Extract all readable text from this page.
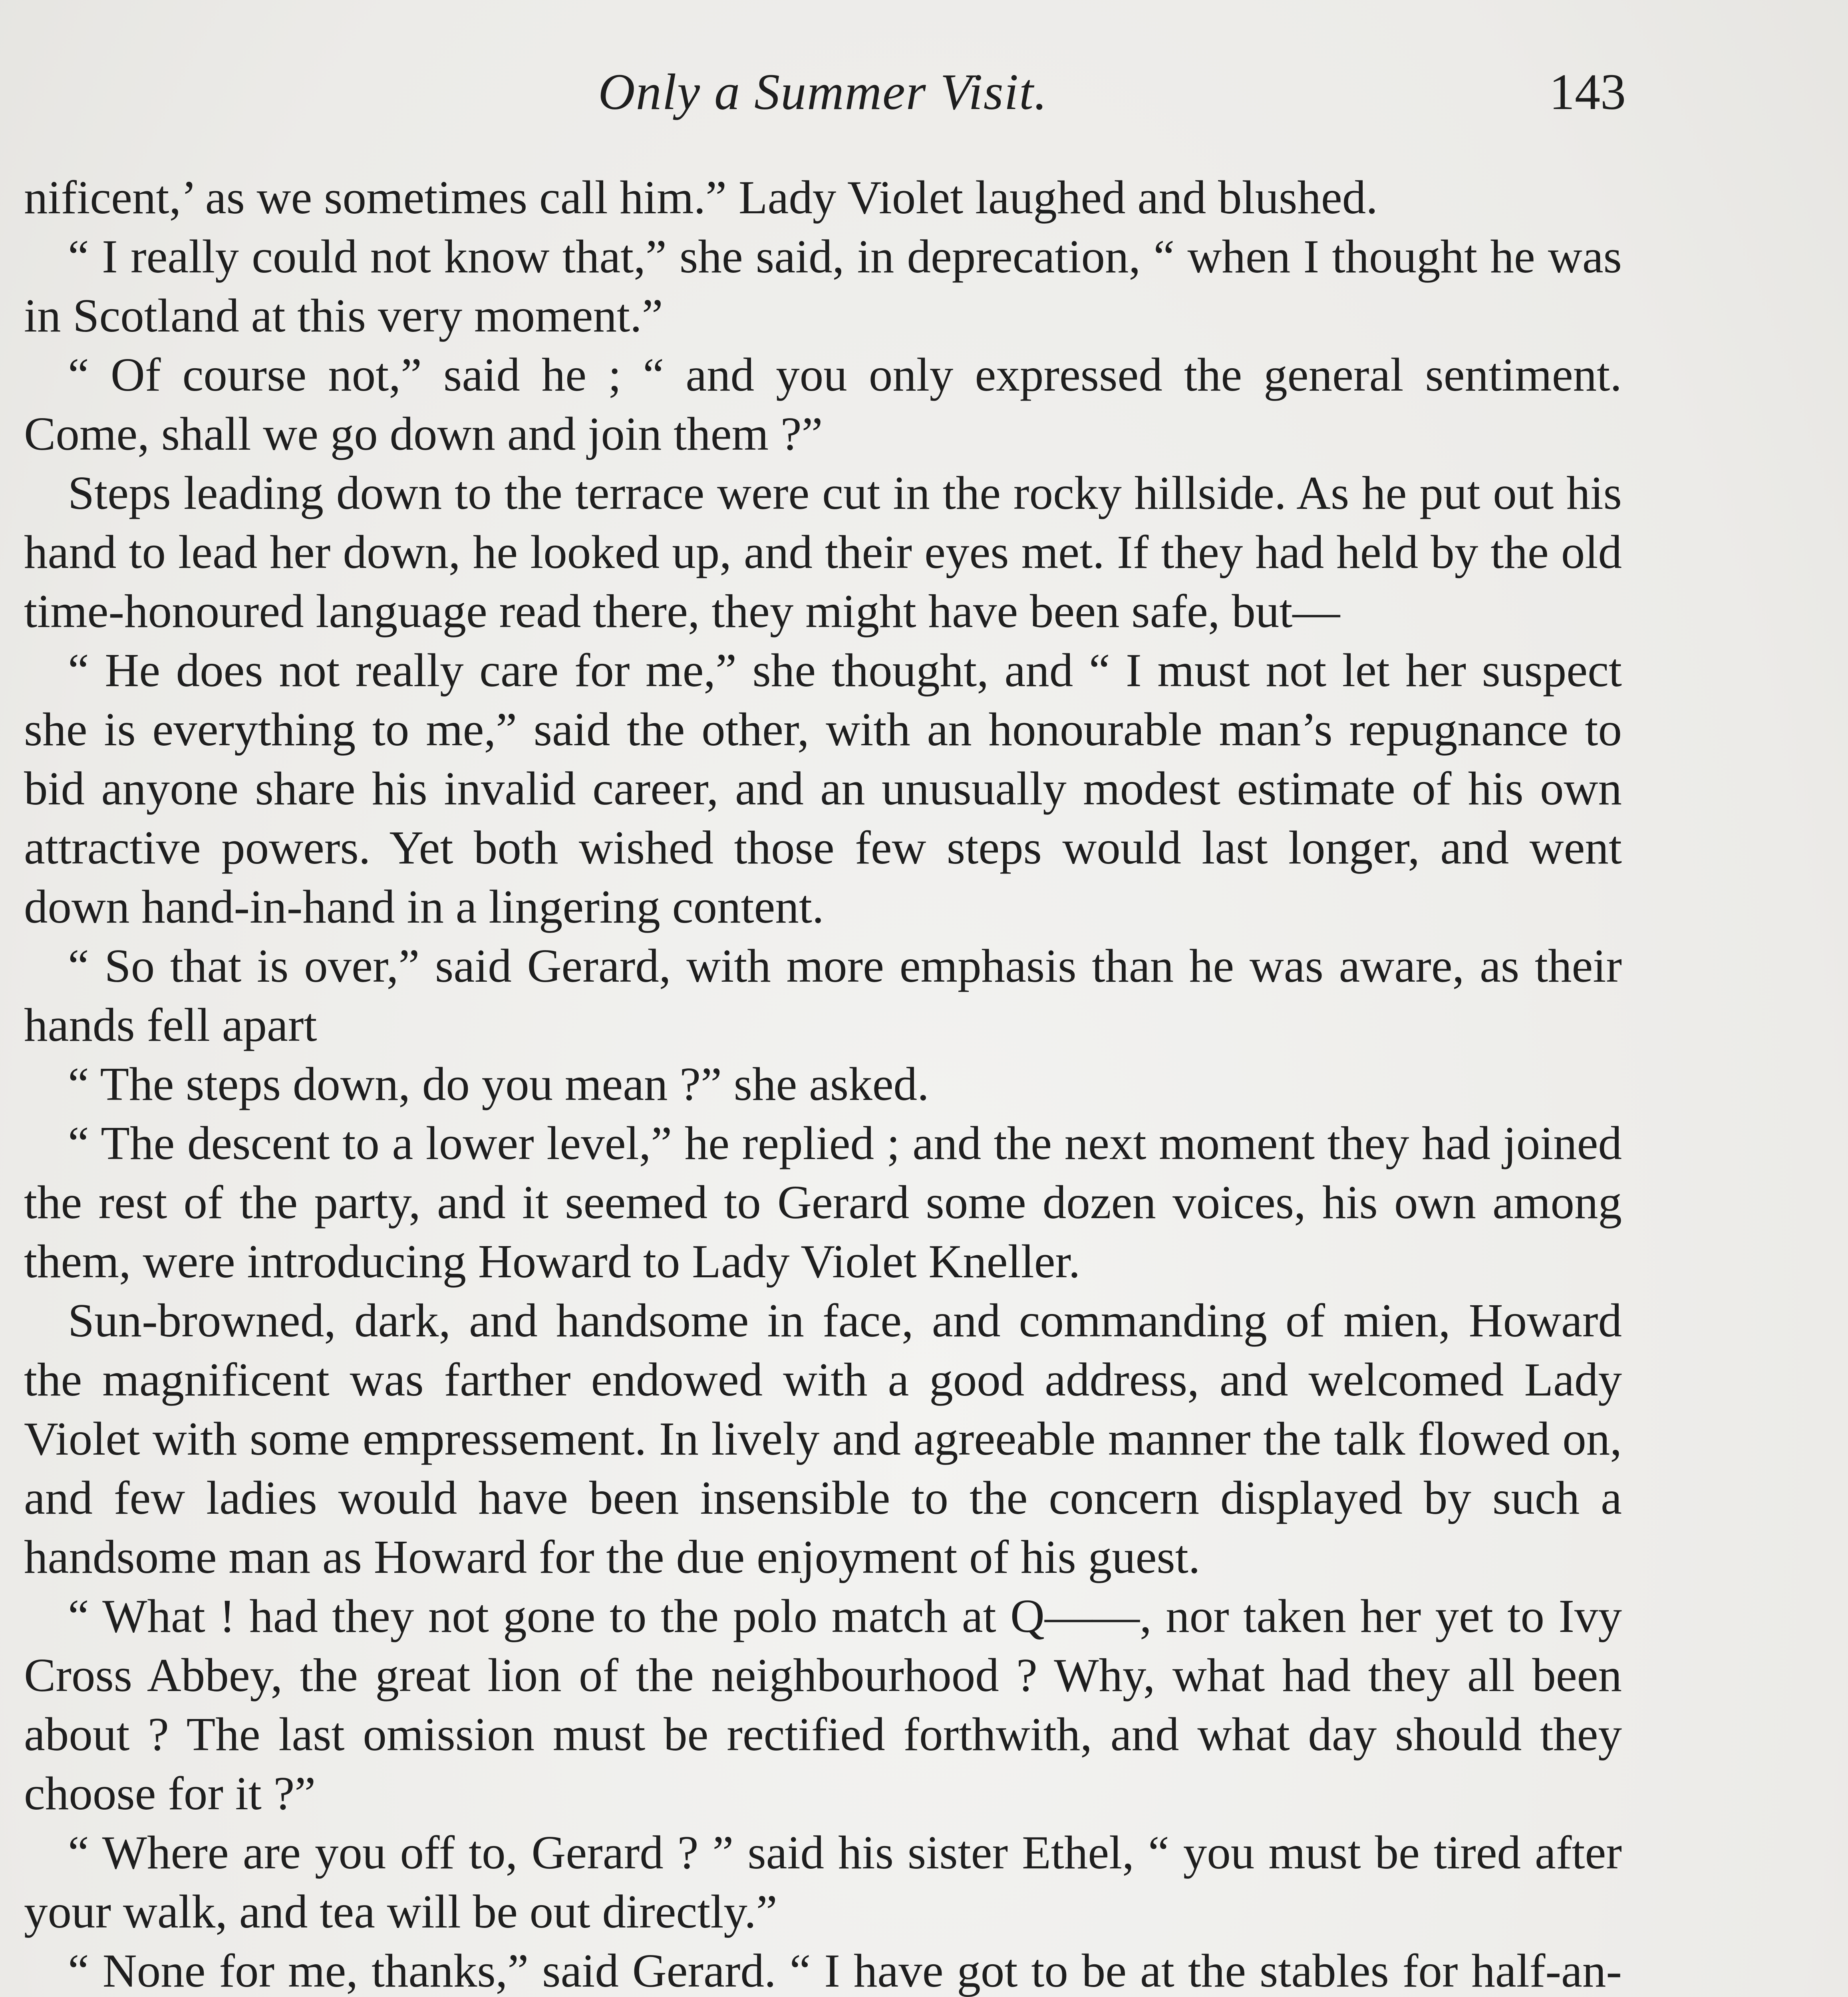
Only a Summer Visit.	143

nificent,’ as we sometimes call him.” Lady Violet laughed and blushed.

“ I really could not know that,” she said, in deprecation, “ when I thought he was in Scotland at this very moment.”

“ Of course not,” said he ; “ and you only expressed the general sentiment. Come, shall we go down and join them ?”

Steps leading down to the terrace were cut in the rocky hillside. As he put out his hand to lead her down, he looked up, and their eyes met. If they had held by the old time-honoured language read there, they might have been safe, but—

“ He does not really care for me,” she thought, and “ I must not let her suspect she is everything to me,” said the other, with an honourable man’s repugnance to bid anyone share his invalid career, and an unusually modest estimate of his own attractive powers. Yet both wished those few steps would last longer, and went down hand-in-hand in a lingering content.

“ So that is over,” said Gerard, with more emphasis than he was aware, as their hands fell apart

“ The steps down, do you mean ?” she asked.

“ The descent to a lower level,” he replied ; and the next moment they had joined the rest of the party, and it seemed to Gerard some dozen voices, his own among them, were introducing Howard to Lady Violet Kneller.

Sun-browned, dark, and handsome in face, and commanding of mien, Howard the magnificent was farther endowed with a good address, and welcomed Lady Violet with some empressement. In lively and agreeable manner the talk flowed on, and few ladies would have been insensible to the concern displayed by such a handsome man as Howard for the due enjoyment of his guest.

“ What ! had they not gone to the polo match at Q——, nor taken her yet to Ivy Cross Abbey, the great lion of the neighbourhood ? Why, what had they all been about ? The last omission must be rectified forthwith, and what day should they choose for it ?”

“ Where are you off to, Gerard ? ” said his sister Ethel, “ you must be tired after your walk, and tea will be out directly.”

“ None for me, thanks,” said Gerard. “ I have got to be at the stables for half-an-
